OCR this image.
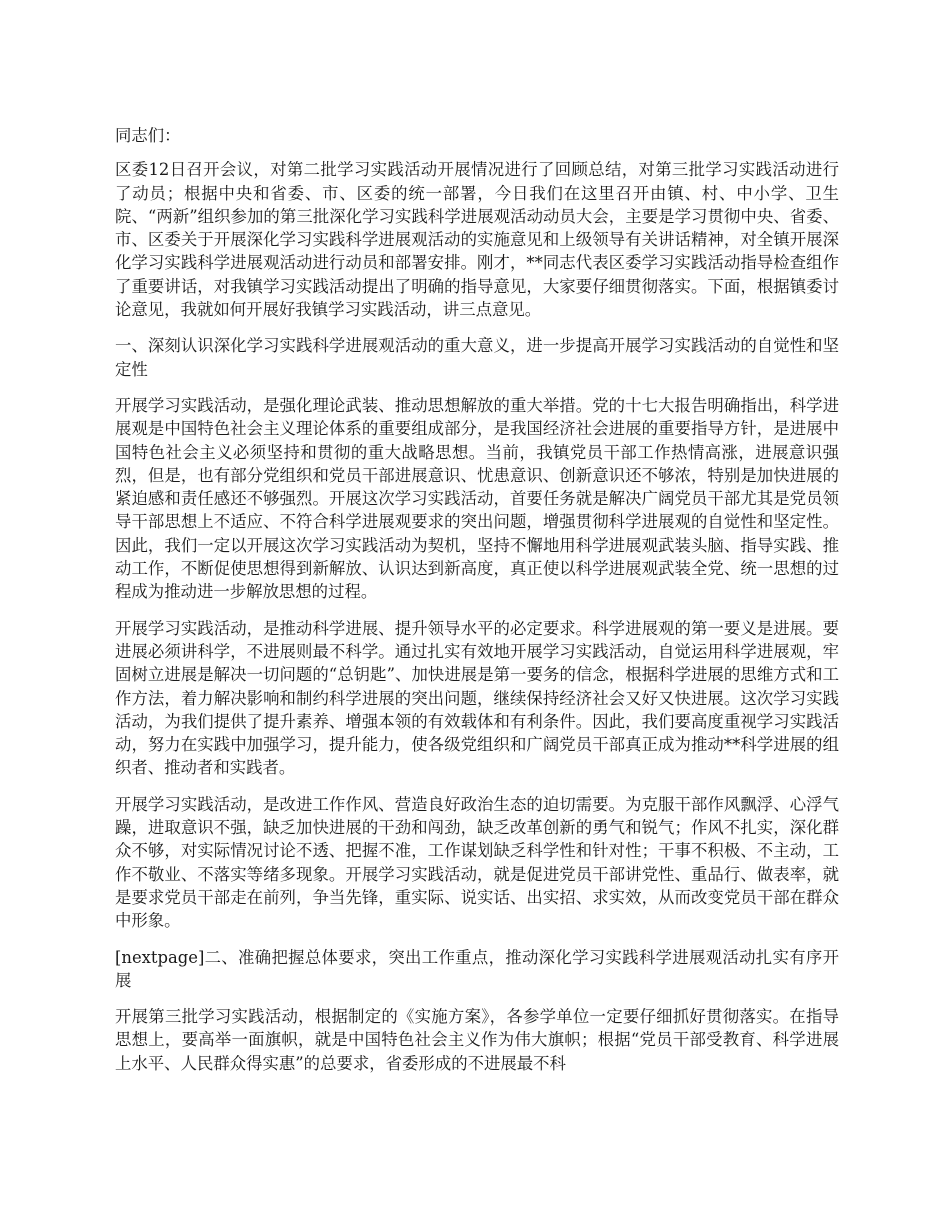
同志们：

区委12日召开会议，对第二批学习实践活动开展情况进行了回顾总结，对第三批学习实践活动进行了动员；根据中央和省委、市、区委的统一部署，今日我们在这里召开由镇、村、中小学、卫生院、“两新”组织参加的第三批深化学习实践科学进展观活动动员大会，主要是学习贯彻中央、省委、市、区委关于开展深化学习实践科学进展观活动的实施意见和上级领导有关讲话精神，对全镇开展深化学习实践科学进展观活动进行动员和部署安排。刚才，**同志代表区委学习实践活动指导检查组作了重要讲话，对我镇学习实践活动提出了明确的指导意见，大家要仔细贯彻落实。下面，根据镇委讨论意见，我就如何开展好我镇学习实践活动，讲三点意见。

一、深刻认识深化学习实践科学进展观活动的重大意义，进一步提高开展学习实践活动的自觉性和坚定性

开展学习实践活动，是强化理论武装、推动思想解放的重大举措。党的十七大报告明确指出，科学进展观是中国特色社会主义理论体系的重要组成部分，是我国经济社会进展的重要指导方针，是进展中国特色社会主义必须坚持和贯彻的重大战略思想。当前，我镇党员干部工作热情高涨，进展意识强烈，但是，也有部分党组织和党员干部进展意识、忧患意识、创新意识还不够浓，特别是加快进展的紧迫感和责任感还不够强烈。开展这次学习实践活动，首要任务就是解决广阔党员干部尤其是党员领导干部思想上不适应、不符合科学进展观要求的突出问题，增强贯彻科学进展观的自觉性和坚定性。因此，我们一定以开展这次学习实践活动为契机，坚持不懈地用科学进展观武装头脑、指导实践、推动工作，不断促使思想得到新解放、认识达到新高度，真正使以科学进展观武装全党、统一思想的过程成为推动进一步解放思想的过程。

开展学习实践活动，是推动科学进展、提升领导水平的必定要求。科学进展观的第一要义是进展。要进展必须讲科学，不进展则最不科学。通过扎实有效地开展学习实践活动，自觉运用科学进展观，牢固树立进展是解决一切问题的“总钥匙”、加快进展是第一要务的信念，根据科学进展的思维方式和工作方法，着力解决影响和制约科学进展的突出问题，继续保持经济社会又好又快进展。这次学习实践活动，为我们提供了提升素养、增强本领的有效载体和有利条件。因此，我们要高度重视学习实践活动，努力在实践中加强学习，提升能力，使各级党组织和广阔党员干部真正成为推动**科学进展的组织者、推动者和实践者。

开展学习实践活动，是改进工作作风、营造良好政治生态的迫切需要。为克服干部作风飘浮、心浮气躁，进取意识不强，缺乏加快进展的干劲和闯劲，缺乏改革创新的勇气和锐气；作风不扎实，深化群众不够，对实际情况讨论不透、把握不准，工作谋划缺乏科学性和针对性；干事不积极、不主动，工作不敬业、不落实等绪多现象。开展学习实践活动，就是促进党员干部讲党性、重品行、做表率，就是要求党员干部走在前列，争当先锋，重实际、说实话、出实招、求实效，从而改变党员干部在群众中形象。

[nextpage]二、准确把握总体要求，突出工作重点，推动深化学习实践科学进展观活动扎实有序开展

开展第三批学习实践活动，根据制定的《实施方案》，各参学单位一定要仔细抓好贯彻落实。在指导思想上，要高举一面旗帜，就是中国特色社会主义作为伟大旗帜；根据“党员干部受教育、科学进展上水平、人民群众得实惠”的总要求，省委形成的不进展最不科
